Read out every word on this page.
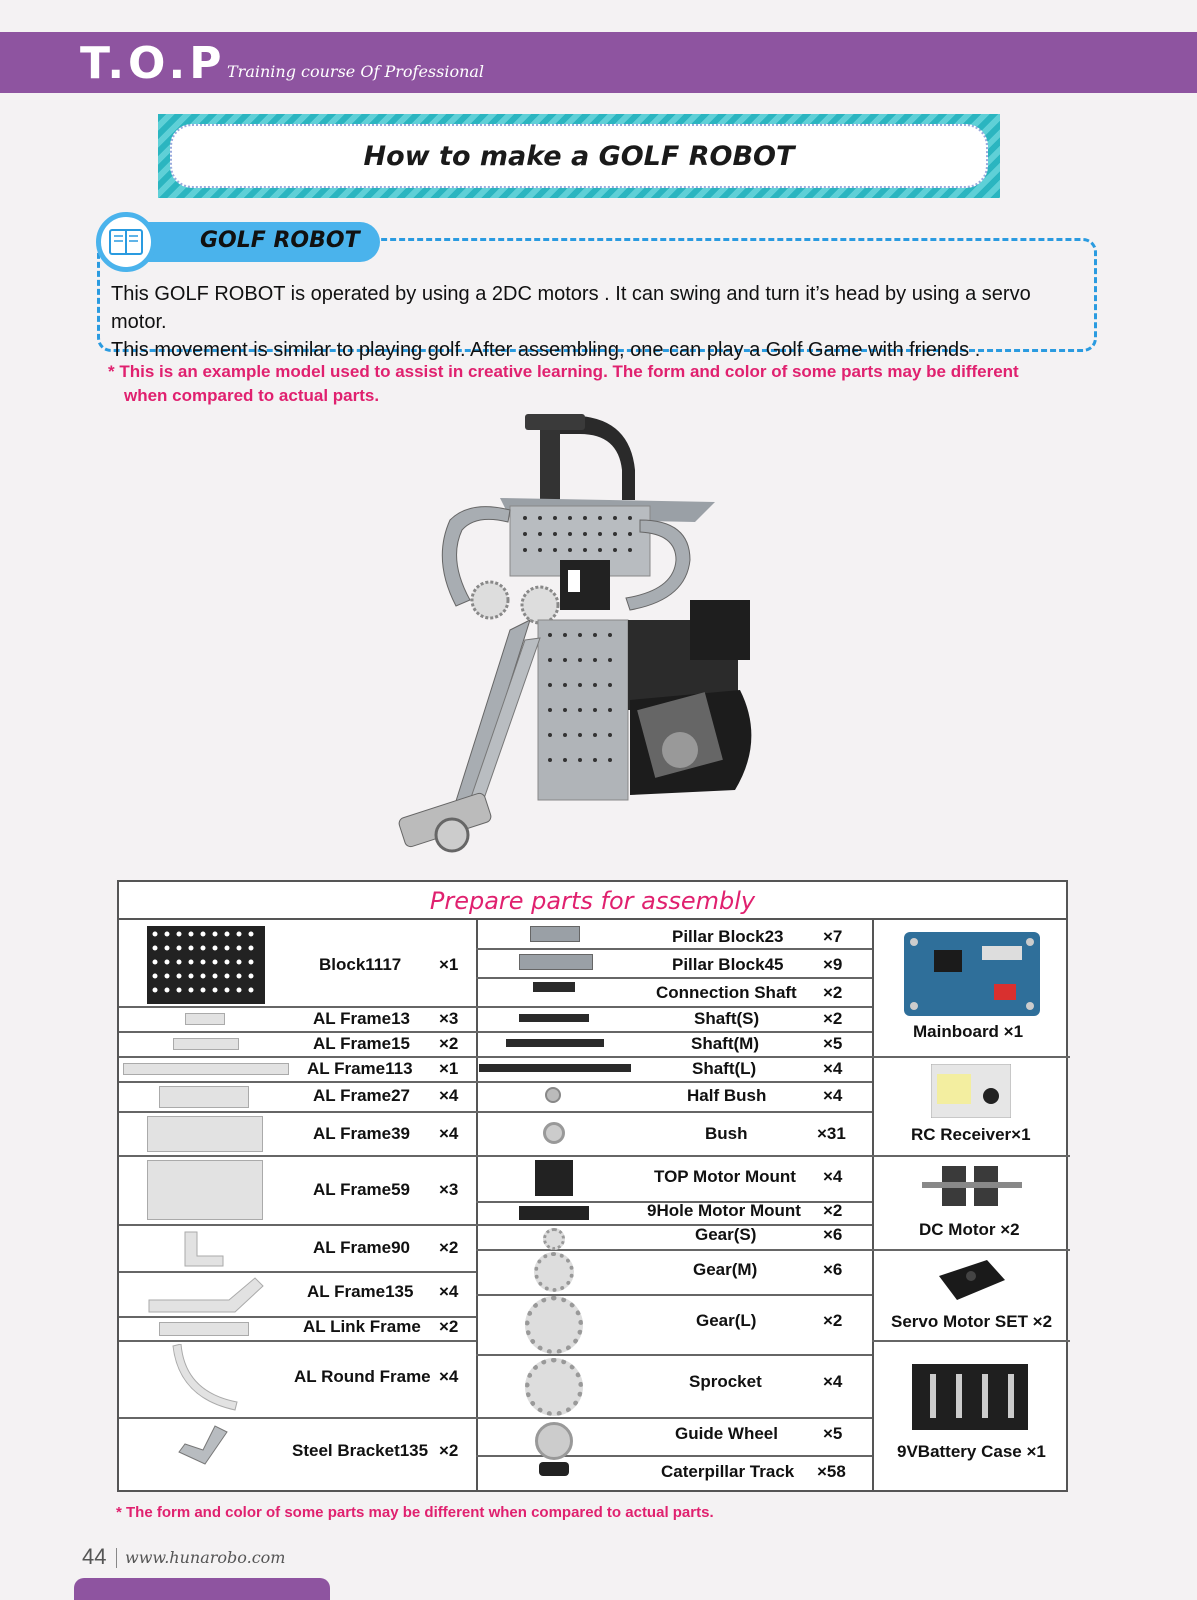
T.O.P Training course Of Professional
How to make a GOLF ROBOT
GOLF ROBOT
This GOLF ROBOT is operated by using a 2DC motors . It can swing and turn it’s head by using a servo motor.
This movement is similar to playing golf. After assembling, one can play a Golf Game with friends .
* This is an example model used to assist in creative learning. The form and color of some parts may be different
when compared to actual parts.
Prepare parts for assembly
Block1117 ×1
AL Frame13 ×3
AL Frame15 ×2
AL Frame113 ×1
AL Frame27 ×4
AL Frame39 ×4
AL Frame59 ×3
AL Frame90 ×2
AL Frame135 ×4
AL Link Frame ×2
AL Round Frame ×4
Steel Bracket135 ×2
Pillar Block23 ×7
Pillar Block45 ×9
Connection Shaft ×2
Shaft(S)	×2
Shaft(M)	×5
Shaft(L)	×4
Half Bush	×4
Bush	×31
TOP Motor Mount ×4
9Hole Motor Mount ×2
Gear(S)	×6
Gear(M)	×6
Gear(L)	×2
Sprocket	×4
Guide Wheel	×5
Caterpillar Track ×58
Mainboard ×1
RC Receiver×1
DC Motor ×2
Servo Motor SET ×2
9VBattery Case ×1
* The form and color of some parts may be different when compared to actual parts.
44 www.hunarobo.com
